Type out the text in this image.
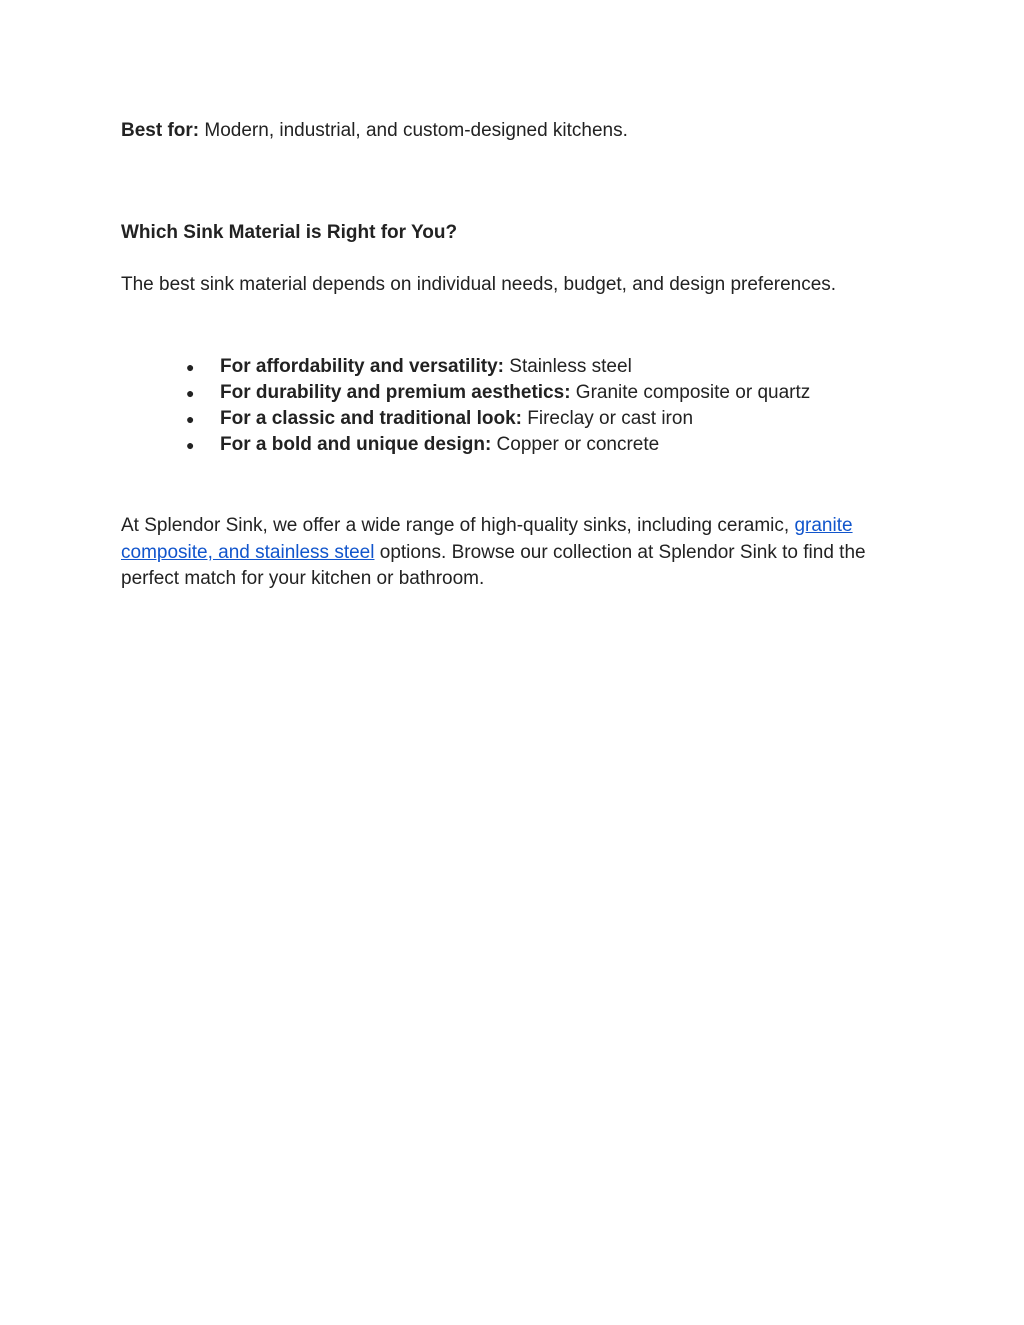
Best for: Modern, industrial, and custom-designed kitchens.
Which Sink Material is Right for You?
The best sink material depends on individual needs, budget, and design preferences.
●	For affordability and versatility: Stainless steel
●	For durability and premium aesthetics: Granite composite or quartz
●	For a classic and traditional look: Fireclay or cast iron
●	For a bold and unique design: Copper or concrete

At Splendor Sink, we offer a wide range of high-quality sinks, including ceramic, granite composite, and stainless steel options. Browse our collection at Splendor Sink to find the perfect match for your kitchen or bathroom.
